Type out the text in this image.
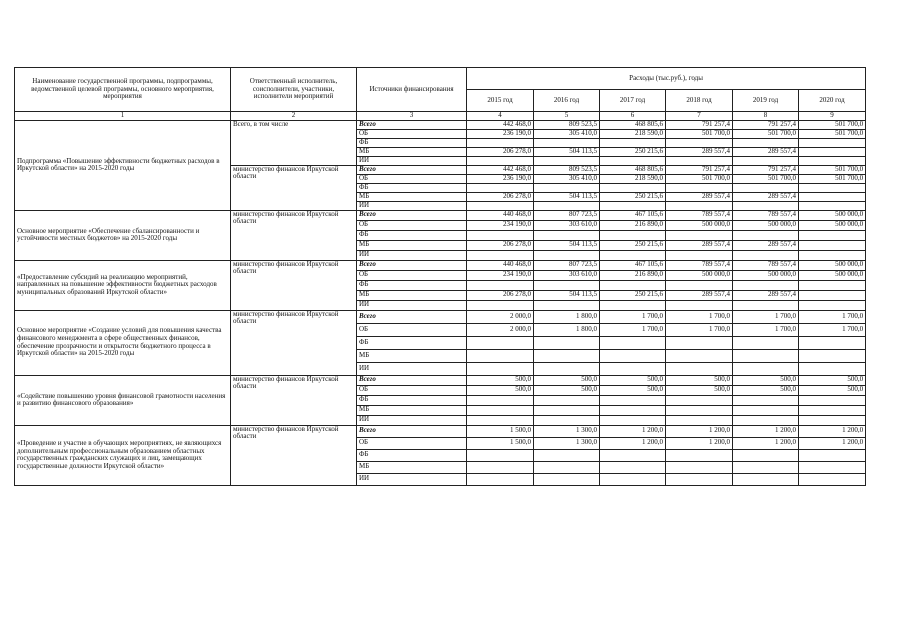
Наименование государственной программы, подпрограммы, ведомственной целевой программы, основного мероприятия, мероприятия	Ответственный исполнитель, соисполнители, участники, исполнители мероприятий	Источники финансирования	Расходы (тыс.руб.), годы					
			2015 год	2016 год	2017 год	2018 год	2019 год	2020 год
1	2	3	4	5	6	7	8	9
Подпрограмма «Повышение эффективности бюджетных расходов в Иркутской области» на 2015-2020 годы	Всего, в том числе	Всего	442 468,0	809 523,5	468 805,6	791 257,4	791 257,4	501 700,0
		ОБ	236 190,0	305 410,0	218 590,0	501 700,0	501 700,0	501 700,0
		ФБ						
		МБ	206 278,0	504 113,5	250 215,6	289 557,4	289 557,4	
		ИИ						
	министерство финансов Иркутской области	Всего	442 468,0	809 523,5	468 805,6	791 257,4	791 257,4	501 700,0
		ОБ	236 190,0	305 410,0	218 590,0	501 700,0	501 700,0	501 700,0
		ФБ						
		МБ	206 278,0	504 113,5	250 215,6	289 557,4	289 557,4	
		ИИ						
Основное мероприятие «Обеспечение сбалансированности и устойчивости местных бюджетов» на 2015-2020 годы	министерство финансов Иркутской области	Всего	440 468,0	807 723,5	467 105,6	789 557,4	789 557,4	500 000,0
		ОБ	234 190,0	303 610,0	216 890,0	500 000,0	500 000,0	500 000,0
		ФБ						
		МБ	206 278,0	504 113,5	250 215,6	289 557,4	289 557,4	
		ИИ						
«Предоставление субсидий на реализацию мероприятий, направленных на повышение эффективности бюджетных расходов муниципальных образований Иркутской области»	министерство финансов Иркутской области	Всего	440 468,0	807 723,5	467 105,6	789 557,4	789 557,4	500 000,0
		ОБ	234 190,0	303 610,0	216 890,0	500 000,0	500 000,0	500 000,0
		ФБ						
		МБ	206 278,0	504 113,5	250 215,6	289 557,4	289 557,4	
		ИИ						
Основное мероприятие «Создание условий для повышения качества финансового менеджмента в сфере общественных финансов, обеспечение прозрачности и открытости бюджетного процесса в Иркутской области» на 2015-2020 годы	министерство финансов Иркутской области	Всего	2 000,0	1 800,0	1 700,0	1 700,0	1 700,0	1 700,0
		ОБ	2 000,0	1 800,0	1 700,0	1 700,0	1 700,0	1 700,0
		ФБ						
		МБ						
		ИИ						
«Содействие повышению уровня финансовой грамотности населения и развитию финансового образования»	министерство финансов Иркутской области	Всего	500,0	500,0	500,0	500,0	500,0	500,0
		ОБ	500,0	500,0	500,0	500,0	500,0	500,0
		ФБ						
		МБ						
		ИИ						
«Проведение и участие в обучающих мероприятиях, не являющихся дополнительным профессиональным образованием областных государственных гражданских служащих и лиц, замещающих государственные должности Иркутской области»	министерство финансов Иркутской области	Всего	1 500,0	1 300,0	1 200,0	1 200,0	1 200,0	1 200,0
		ОБ	1 500,0	1 300,0	1 200,0	1 200,0	1 200,0	1 200,0
		ФБ						
		МБ						
		ИИ						
